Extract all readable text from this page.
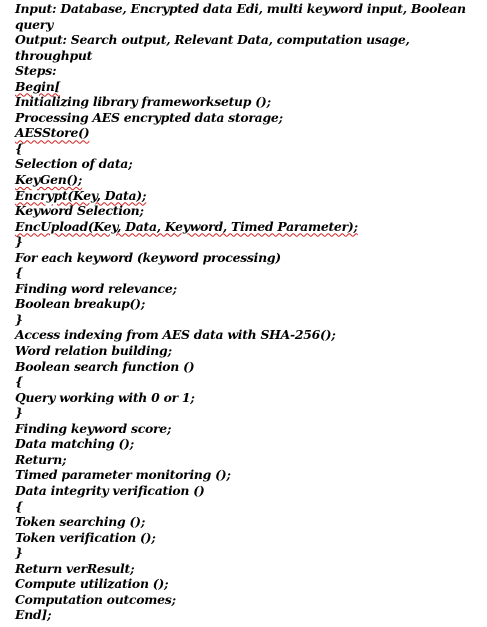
Input: Database, Encrypted data Edi, multi keyword input, Boolean query
Output: Search output, Relevant Data, computation usage, throughput
Steps:
Begin[
Initializing library frameworksetup ();
Processing AES encrypted data storage;
AESStore()
{
Selection of data;
KeyGen();
Encrypt(Key, Data);
Keyword Selection;
EncUpload(Key, Data, Keyword, Timed Parameter);
}
For each keyword (keyword processing)
{
Finding word relevance;
Boolean breakup();
}
Access indexing from AES data with SHA-256();
Word relation building;
Boolean search function ()
{
Query working with 0 or 1;
}
Finding keyword score;
Data matching ();
Return;
Timed parameter monitoring ();
Data integrity verification ()
{
Token searching ();
Token verification ();
}
Return verResult;
Compute utilization ();
Computation outcomes;
End];
